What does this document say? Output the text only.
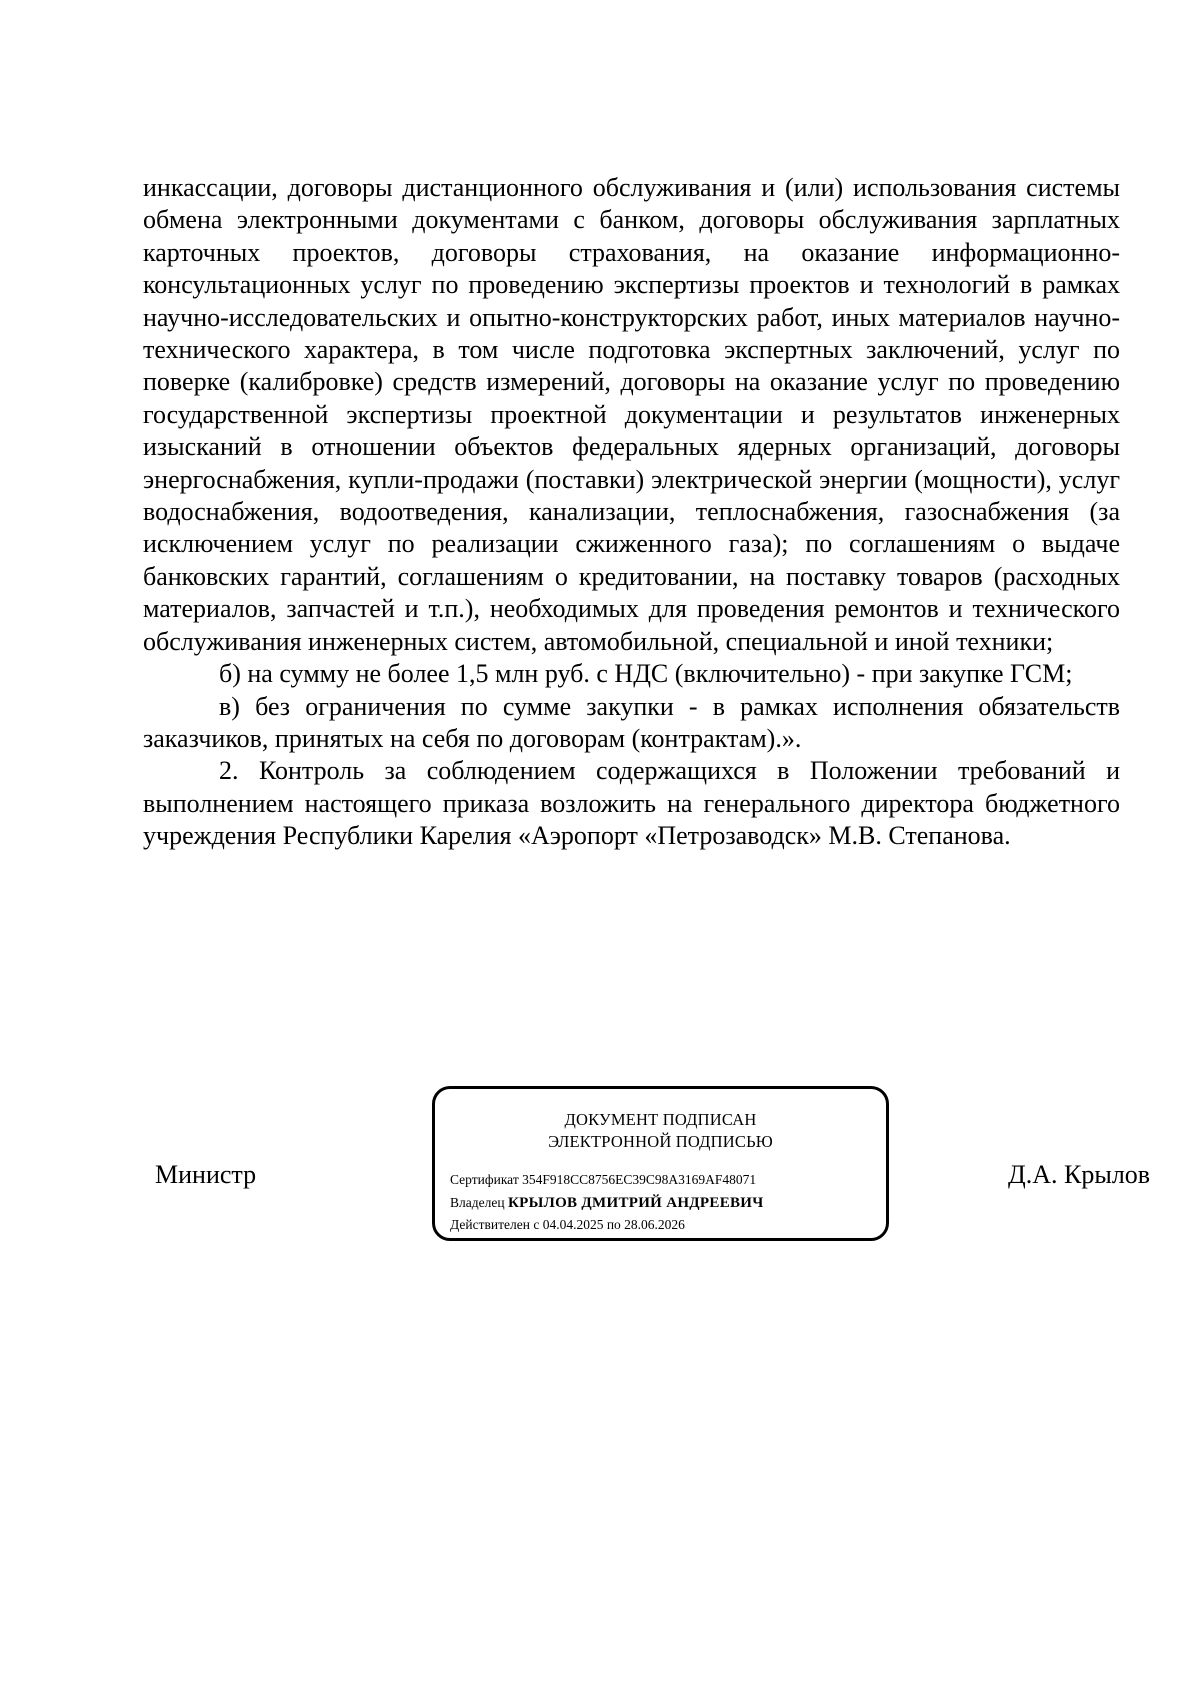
инкассации, договоры дистанционного обслуживания и (или) использования системы обмена электронными документами с банком, договоры обслуживания зарплатных карточных проектов, договоры страхования, на оказание информационно-консультационных услуг по проведению экспертизы проектов и технологий в рамках научно-исследовательских и опытно-конструкторских работ, иных материалов научно-технического характера, в том числе подготовка экспертных заключений, услуг по поверке (калибровке) средств измерений, договоры на оказание услуг по проведению государственной экспертизы проектной документации и результатов инженерных изысканий в отношении объектов федеральных ядерных организаций, договоры энергоснабжения, купли-продажи (поставки) электрической энергии (мощности), услуг водоснабжения, водоотведения, канализации, теплоснабжения, газоснабжения (за исключением услуг по реализации сжиженного газа); по соглашениям о выдаче банковских гарантий, соглашениям о кредитовании, на поставку товаров (расходных материалов, запчастей и т.п.), необходимых для проведения ремонтов и технического обслуживания инженерных систем, автомобильной, специальной и иной техники;

б) на сумму не более 1,5 млн руб. с НДС (включительно) - при закупке ГСМ;

в) без ограничения по сумме закупки - в рамках исполнения обязательств заказчиков, принятых на себя по договорам (контрактам).».

2. Контроль за соблюдением содержащихся в Положении требований и выполнением настоящего приказа возложить на генерального директора бюджетного учреждения Республики Карелия «Аэропорт «Петрозаводск» М.В. Степанова.

Министр
ДОКУМЕНТ ПОДПИСАН
ЭЛЕКТРОННОЙ ПОДПИСЬЮ
Сертификат 354F918CC8756EC39C98A3169AF48071
Владелец КРЫЛОВ ДМИТРИЙ АНДРЕЕВИЧ
Действителен с 04.04.2025 по 28.06.2026
Д.А. Крылов
